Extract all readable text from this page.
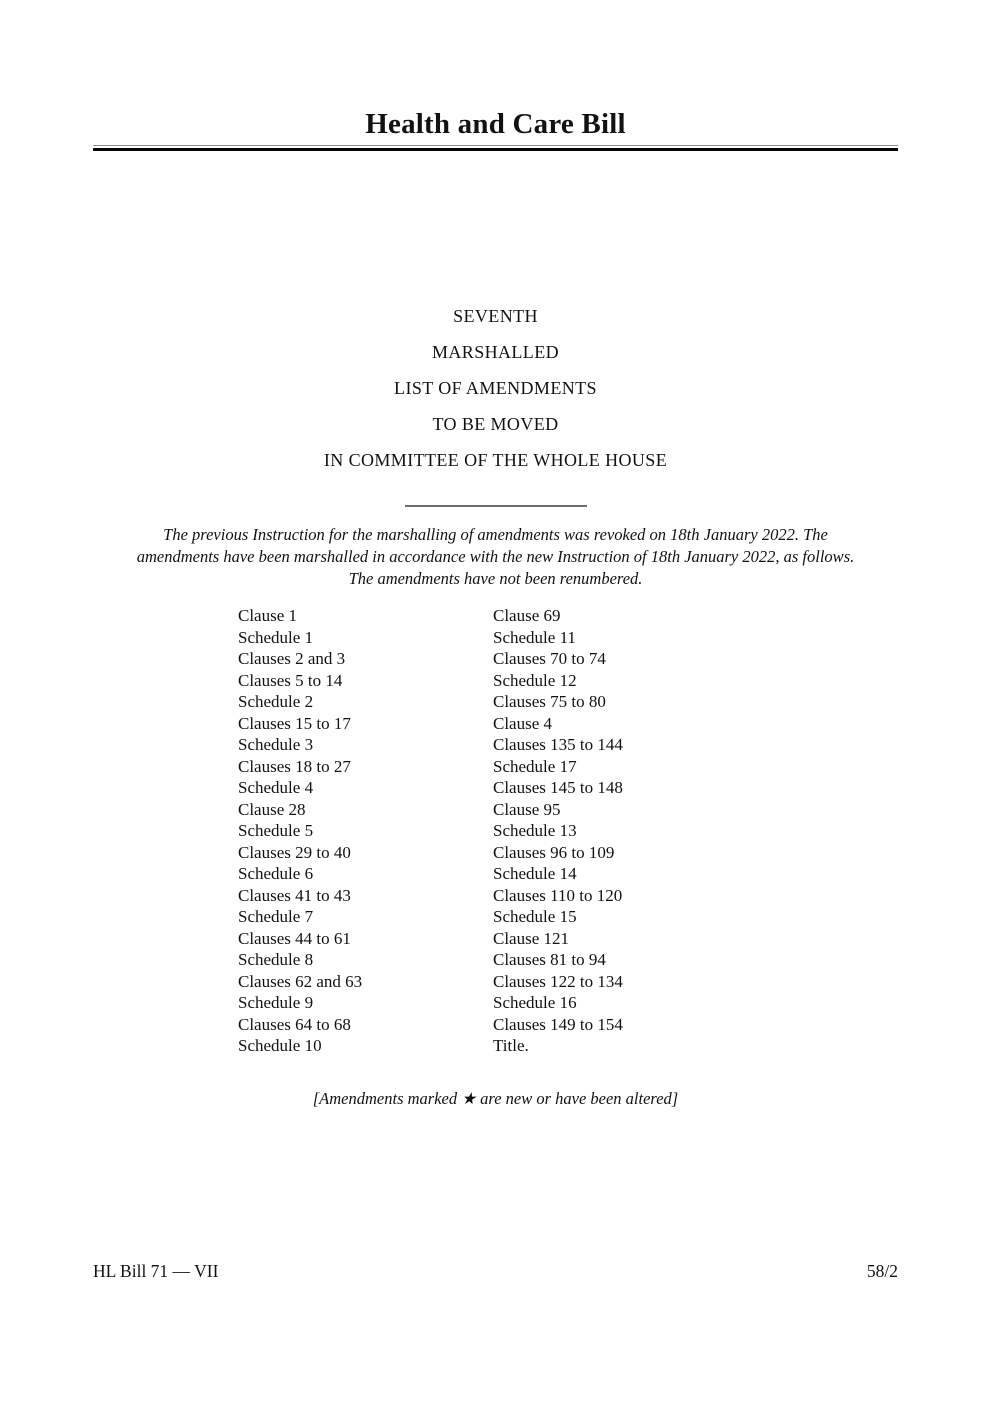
Health and Care Bill
SEVENTH
MARSHALLED
LIST OF AMENDMENTS
TO BE MOVED
IN COMMITTEE OF THE WHOLE HOUSE
The previous Instruction for the marshalling of amendments was revoked on 18th January 2022. The
amendments have been marshalled in accordance with the new Instruction of 18th January 2022, as follows.
The amendments have not been renumbered.
Clause 1
Schedule 1
Clauses 2 and 3
Clauses 5 to 14
Schedule 2
Clauses 15 to 17
Schedule 3
Clauses 18 to 27
Schedule 4
Clause 28
Schedule 5
Clauses 29 to 40
Schedule 6
Clauses 41 to 43
Schedule 7
Clauses 44 to 61
Schedule 8
Clauses 62 and 63
Schedule 9
Clauses 64 to 68
Schedule 10
Clause 69
Schedule 11
Clauses 70 to 74
Schedule 12
Clauses 75 to 80
Clause 4
Clauses 135 to 144
Schedule 17
Clauses 145 to 148
Clause 95
Schedule 13
Clauses 96 to 109
Schedule 14
Clauses 110 to 120
Schedule 15
Clause 121
Clauses 81 to 94
Clauses 122 to 134
Schedule 16
Clauses 149 to 154
Title.
[Amendments marked ★ are new or have been altered]
HL Bill 71 — VII	58/2
